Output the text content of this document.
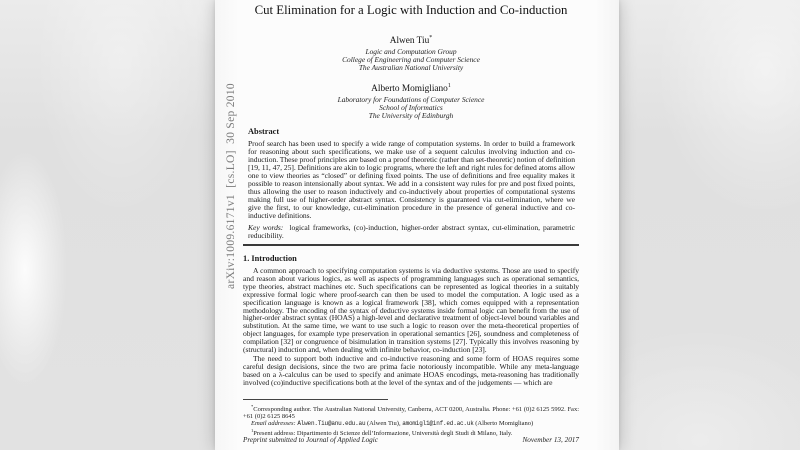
arXiv:1009.6171v1  [cs.LO]  30 Sep 2010
Cut Elimination for a Logic with Induction and Co-induction
Alwen Tiu*
Logic and Computation Group
College of Engineering and Computer Science
The Australian National University
Alberto Momigliano$^1$
Laboratory for Foundations of Computer Science
School of Informatics
The University of Edinburgh
Abstract
Proof search has been used to specify a wide range of computation systems. In order to build a framework for reasoning about such specifications, we make use of a sequent calculus involving induction and co-induction. These proof principles are based on a proof theoretic (rather than set-theoretic) notion of definition [19, 11, 47, 25]. Definitions are akin to logic programs, where the left and right rules for defined atoms allow one to view theories as “closed” or defining fixed points. The use of definitions and free equality makes it possible to reason intensionally about syntax. We add in a consistent way rules for pre and post fixed points, thus allowing the user to reason inductively and co-inductively about properties of computational systems making full use of higher-order abstract syntax. Consistency is guaranteed via cut-elimination, where we give the first, to our knowledge, cut-elimination procedure in the presence of general inductive and co-inductive definitions.
Key words: logical frameworks, (co)-induction, higher-order abstract syntax, cut-elimination, parametric reducibility.
1. Introduction

A common approach to specifying computation systems is via deductive systems. Those are used to specify and reason about various logics, as well as aspects of programming languages such as operational semantics, type theories, abstract machines etc. Such specifications can be represented as logical theories in a suitably expressive formal logic where proof-search can then be used to model the computation. A logic used as a specification language is known as a logical framework [38], which comes equipped with a representation methodology. The encoding of the syntax of deductive systems inside formal logic can benefit from the use of higher-order abstract syntax (HOAS) a high-level and declarative treatment of object-level bound variables and substitution. At the same time, we want to use such a logic to reason over the meta-theoretical properties of object languages, for example type preservation in operational semantics [26], soundness and completeness of compilation [32] or congruence of bisimulation in transition systems [27]. Typically this involves reasoning by (structural) induction and, when dealing with infinite behavior, co-induction [23].

The need to support both inductive and co-inductive reasoning and some form of HOAS requires some careful design decisions, since the two are prima facie notoriously incompatible. While any meta-language based on a λ-calculus can be used to specify and animate HOAS encodings, meta-reasoning has traditionally involved (co)inductive specifications both at the level of the syntax and of the judgements — which are

*Corresponding author. The Australian National University, Canberra, ACT 0200, Australia. Phone: +61 (0)2 6125 5992. Fax: +61 (0)2 6125 8645

Email addresses: Alwen.Tiu@anu.edu.au (Alwen Tiu), amomigl1@inf.ed.ac.uk (Alberto Momigliano)

$^1$Present address: Dipartimento di Scienze dell’Informazione, Università degli Studi di Milano, Italy.

Preprint submitted to Journal of Applied Logic	November 13, 2017
